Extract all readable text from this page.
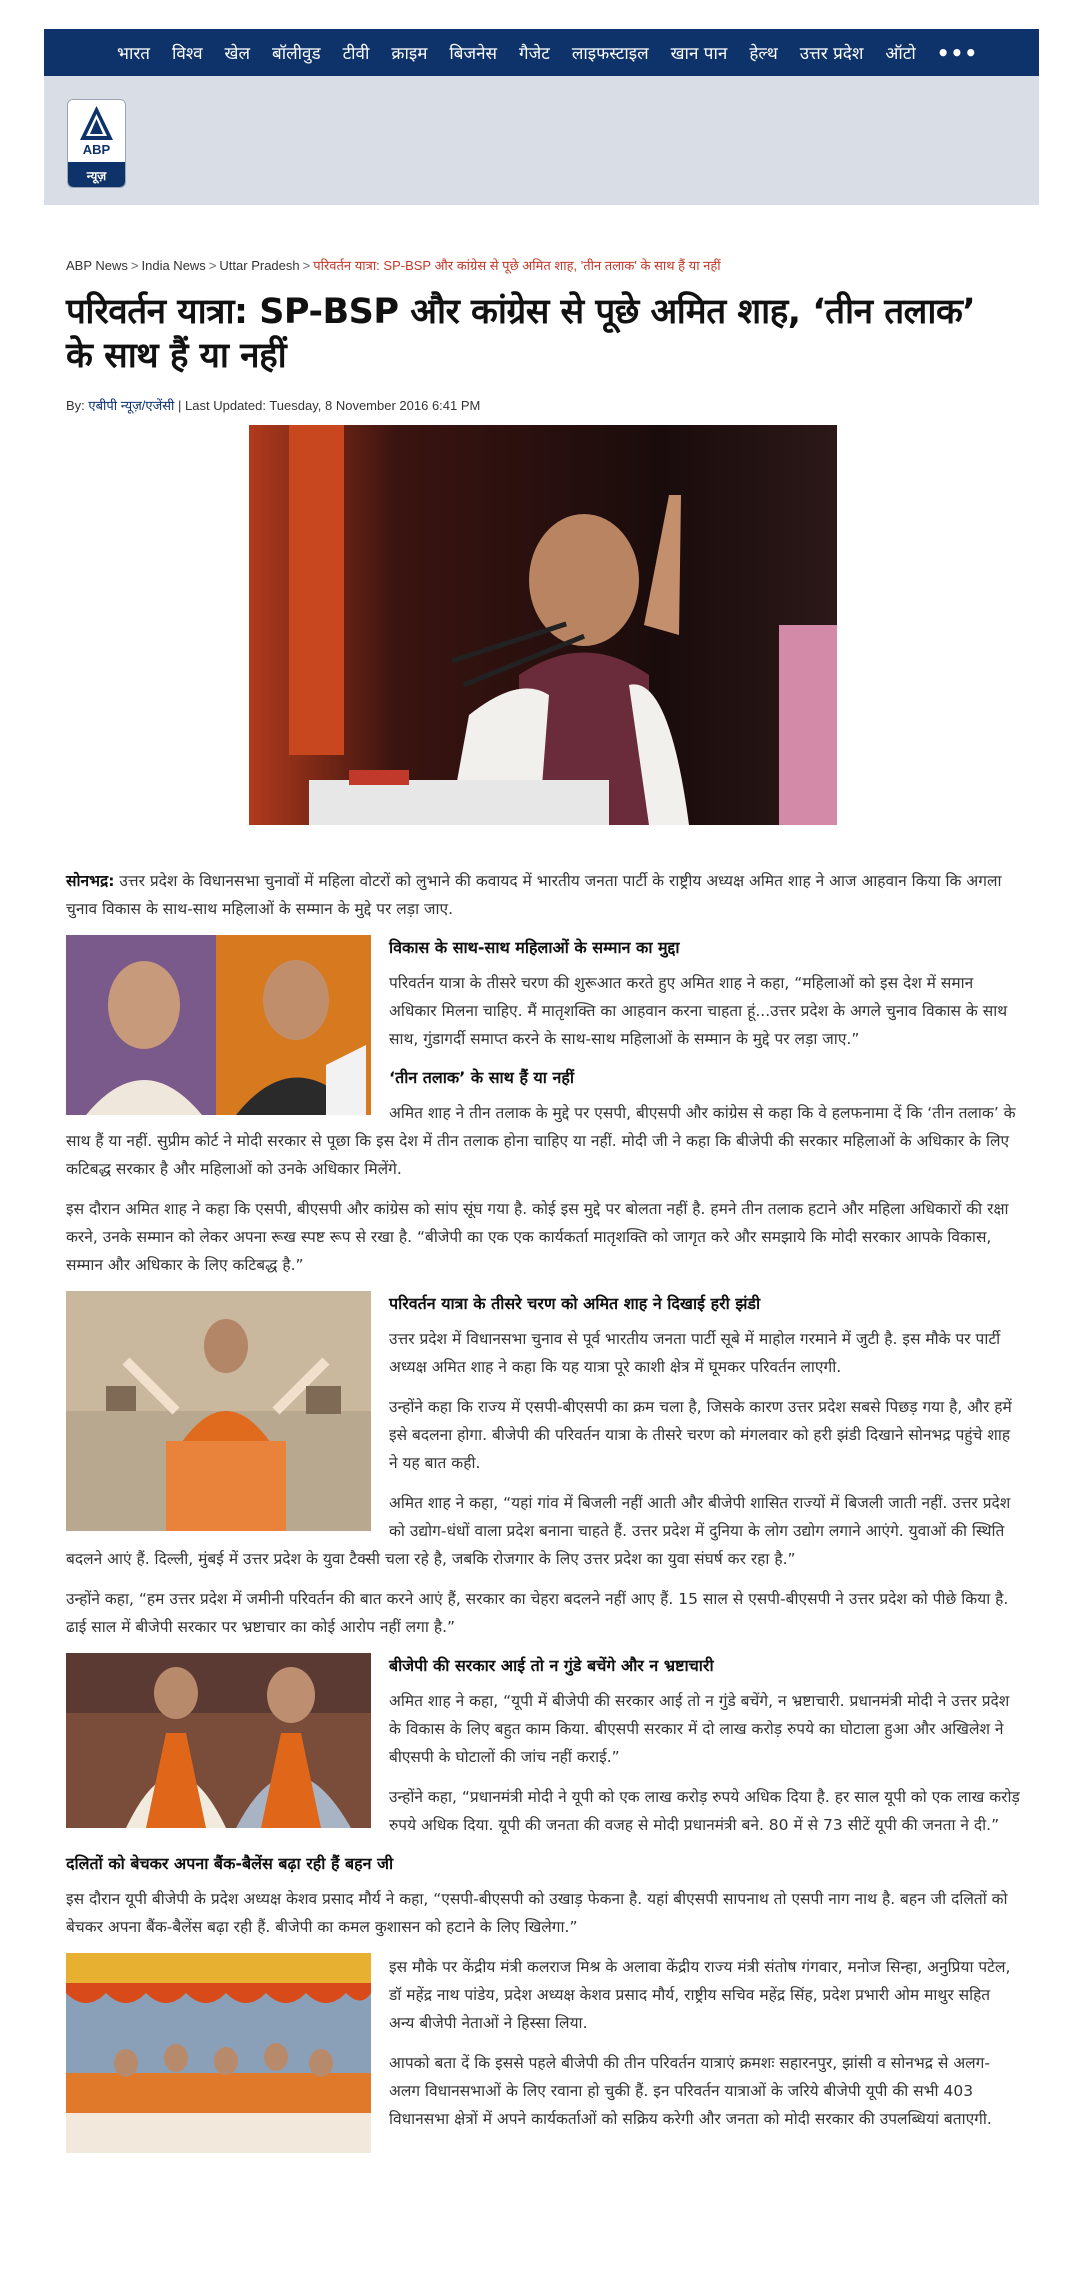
भारत	विश्व	खेल	बॉलीवुड	टीवी	क्राइम	बिजनेस	गैजेट	लाइफस्टाइल	खान पान	हेल्थ	उत्तर प्रदेश	ऑटो	•••
ABP
न्यूज़
ABP News > India News > Uttar Pradesh > परिवर्तन यात्रा: SP-BSP और कांग्रेस से पूछे अमित शाह, 'तीन तलाक' के साथ हैं या नहीं
परिवर्तन यात्रा: SP-BSP और कांग्रेस से पूछे अमित शाह, ‘तीन तलाक’ के साथ हैं या नहीं
By: एबीपी न्यूज़/एजेंसी | Last Updated: Tuesday, 8 November 2016 6:41 PM

सोनभद्र: उत्तर प्रदेश के विधानसभा चुनावों में महिला वोटरों को लुभाने की कवायद में भारतीय जनता पार्टी के राष्ट्रीय अध्यक्ष अमित शाह ने आज आहवान किया कि अगला चुनाव विकास के साथ-साथ महिलाओं के सम्मान के मुद्दे पर लड़ा जाए.

विकास के साथ-साथ महिलाओं के सम्मान का मुद्दा

परिवर्तन यात्रा के तीसरे चरण की शुरूआत करते हुए अमित शाह ने कहा, “महिलाओं को इस देश में समान अधिकार मिलना चाहिए. मैं मातृशक्ति का आहवान करना चाहता हूं...उत्तर प्रदेश के अगले चुनाव विकास के साथ साथ, गुंडागर्दी समाप्त करने के साथ-साथ महिलाओं के सम्मान के मुद्दे पर लड़ा जाए.”

‘तीन तलाक’ के साथ हैं या नहीं

अमित शाह ने तीन तलाक के मुद्दे पर एसपी, बीएसपी और कांग्रेस से कहा कि वे हलफनामा दें कि ‘तीन तलाक’ के साथ हैं या नहीं. सुप्रीम कोर्ट ने मोदी सरकार से पूछा कि इस देश में तीन तलाक होना चाहिए या नहीं. मोदी जी ने कहा कि बीजेपी की सरकार महिलाओं के अधिकार के लिए कटिबद्ध सरकार है और महिलाओं को उनके अधिकार मिलेंगे.

इस दौरान अमित शाह ने कहा कि एसपी, बीएसपी और कांग्रेस को सांप सूंघ गया है. कोई इस मुद्दे पर बोलता नहीं है. हमने तीन तलाक हटाने और महिला अधिकारों की रक्षा करने, उनके सम्मान को लेकर अपना रूख स्पष्ट रूप से रखा है. “बीजेपी का एक एक कार्यकर्ता मातृशक्ति को जागृत करे और समझाये कि मोदी सरकार आपके विकास, सम्मान और अधिकार के लिए कटिबद्ध है.”

परिवर्तन यात्रा के तीसरे चरण को अमित शाह ने दिखाई हरी झंडी

उत्तर प्रदेश में विधानसभा चुनाव से पूर्व भारतीय जनता पार्टी सूबे में माहोल गरमाने में जुटी है. इस मौके पर पार्टी अध्यक्ष अमित शाह ने कहा कि यह यात्रा पूरे काशी क्षेत्र में घूमकर परिवर्तन लाएगी.

उन्होंने कहा कि राज्य में एसपी-बीएसपी का क्रम चला है, जिसके कारण उत्तर प्रदेश सबसे पिछड़ गया है, और हमें इसे बदलना होगा. बीजेपी की परिवर्तन यात्रा के तीसरे चरण को मंगलवार को हरी झंडी दिखाने सोनभद्र पहुंचे शाह ने यह बात कही.

अमित शाह ने कहा, “यहां गांव में बिजली नहीं आती और बीजेपी शासित राज्यों में बिजली जाती नहीं. उत्तर प्रदेश को उद्योग-धंधों वाला प्रदेश बनाना चाहते हैं. उत्तर प्रदेश में दुनिया के लोग उद्योग लगाने आएंगे. युवाओं की स्थिति बदलने आएं हैं. दिल्ली, मुंबई में उत्तर प्रदेश के युवा टैक्सी चला रहे है, जबकि रोजगार के लिए उत्तर प्रदेश का युवा संघर्ष कर रहा है.”

उन्होंने कहा, “हम उत्तर प्रदेश में जमीनी परिवर्तन की बात करने आएं हैं, सरकार का चेहरा बदलने नहीं आए हैं. 15 साल से एसपी-बीएसपी ने उत्तर प्रदेश को पीछे किया है. ढाई साल में बीजेपी सरकार पर भ्रष्टाचार का कोई आरोप नहीं लगा है.”

बीजेपी की सरकार आई तो न गुंडे बचेंगे और न भ्रष्टाचारी

अमित शाह ने कहा, “यूपी में बीजेपी की सरकार आई तो न गुंडे बचेंगे, न भ्रष्टाचारी. प्रधानमंत्री मोदी ने उत्तर प्रदेश के विकास के लिए बहुत काम किया. बीएसपी सरकार में दो लाख करोड़ रुपये का घोटाला हुआ और अखिलेश ने बीएसपी के घोटालों की जांच नहीं कराई.”

उन्होंने कहा, “प्रधानमंत्री मोदी ने यूपी को एक लाख करोड़ रुपये अधिक दिया है. हर साल यूपी को एक लाख करोड़ रुपये अधिक दिया. यूपी की जनता की वजह से मोदी प्रधानमंत्री बने. 80 में से 73 सीटें यूपी की जनता ने दी.”

दलितों को बेचकर अपना बैंक-बैलेंस बढ़ा रही हैं बहन जी

इस दौरान यूपी बीजेपी के प्रदेश अध्यक्ष केशव प्रसाद मौर्य ने कहा, “एसपी-बीएसपी को उखाड़ फेकना है. यहां बीएसपी सापनाथ तो एसपी नाग नाथ है. बहन जी दलितों को बेचकर अपना बैंक-बैलेंस बढ़ा रही हैं. बीजेपी का कमल कुशासन को हटाने के लिए खिलेगा.”

इस मौके पर केंद्रीय मंत्री कलराज मिश्र के अलावा केंद्रीय राज्य मंत्री संतोष गंगवार, मनोज सिन्हा, अनुप्रिया पटेल, डॉ महेंद्र नाथ पांडेय, प्रदेश अध्यक्ष केशव प्रसाद मौर्य, राष्ट्रीय सचिव महेंद्र सिंह, प्रदेश प्रभारी ओम माथुर सहित अन्य बीजेपी नेताओं ने हिस्सा लिया.

आपको बता दें कि इससे पहले बीजेपी की तीन परिवर्तन यात्राएं क्रमशः सहारनपुर, झांसी व सोनभद्र से अलग-अलग विधानसभाओं के लिए रवाना हो चुकी हैं. इन परिवर्तन यात्राओं के जरिये बीजेपी यूपी की सभी 403 विधानसभा क्षेत्रों में अपने कार्यकर्ताओं को सक्रिय करेगी और जनता को मोदी सरकार की उपलब्धियां बताएगी.
